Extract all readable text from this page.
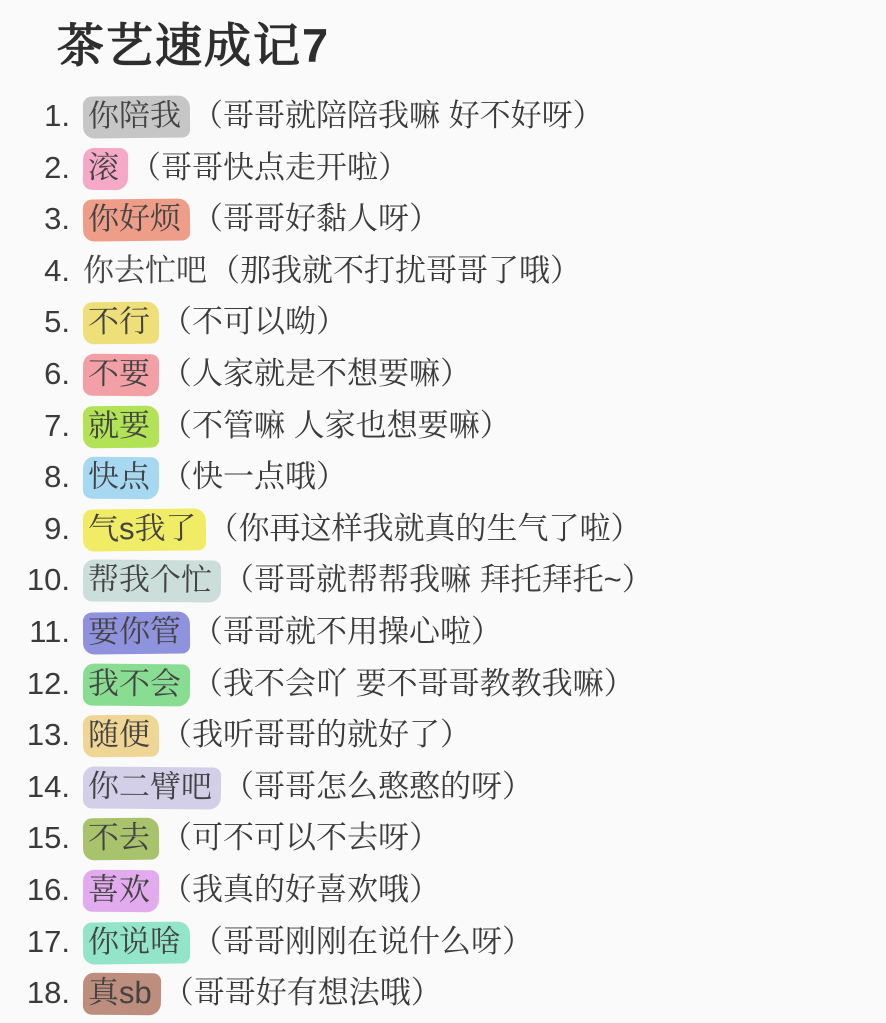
茶艺速成记7
1. 你陪我 （哥哥就陪陪我嘛 好不好呀）
2. 滚 （哥哥快点走开啦）
3. 你好烦 （哥哥好黏人呀）
4. 你去忙吧 （那我就不打扰哥哥了哦）
5. 不行 （不可以呦）
6. 不要 （人家就是不想要嘛）
7. 就要 （不管嘛 人家也想要嘛）
8. 快点 （快一点哦）
9. 气s我了 （你再这样我就真的生气了啦）
10. 帮我个忙 （哥哥就帮帮我嘛 拜托拜托~）
11. 要你管 （哥哥就不用操心啦）
12. 我不会 （我不会吖 要不哥哥教教我嘛）
13. 随便 （我听哥哥的就好了）
14. 你二臂吧 （哥哥怎么憨憨的呀）
15. 不去 （可不可以不去呀）
16. 喜欢 （我真的好喜欢哦）
17. 你说啥 （哥哥刚刚在说什么呀）
18. 真sb （哥哥好有想法哦）
